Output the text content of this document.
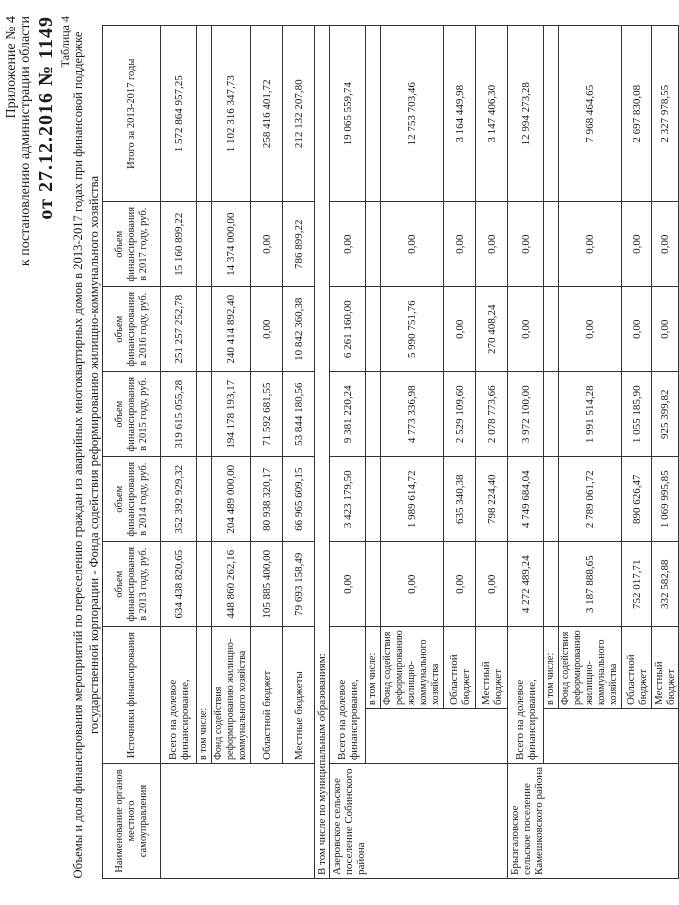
Приложение № 4 к постановлению администрации области от 27.12.2016 № 1149 Таблица 4 Объемы и доля финансирования мероприятий по переселению граждан из аварийных многоквартирных домов в 2013-2017 годах при финансовой поддержке государственной корпорации - Фонда содействия реформированию жилищно-коммунального хозяйства
Наименование органов местного самоуправления	Источники финансирования		объем финансирования в 2013 году, руб.	объем финансирования в 2014 году, руб.	объем финансирования в 2015 году, руб.	объем финансирования в 2016 году, руб.	объем финансирования в 2017 году, руб.	Итого за 2013-2017 годы
	Всего на долевое финансирование,		634 438 820,65	352 392 929,32	319 615 055,28	251 257 252,78	15 160 899,22	1 572 864 957,25
	в том числе:							
	Фонд содействия реформированию жилищно-коммунального хозяйства		448 860 262,16	204 489 000,00	194 178 193,17	240 414 892,40	14 374 000,00	1 102 316 347,73
	Областной бюджет		105 885 400,00	80 938 320,17	71 592 681,55	0,00	0,00	258 416 401,72
	Местные бюджеты		79 693 158,49	66 965 609,15	53 844 180,56	10 842 360,38	786 899,22	212 132 207,80
В том числе по муниципальным образованиям:								
Азеровское сельское поселение Собинского района	Всего на долевое финансирование,		0,00	3 423 179,50	9 381 220,24	6 261 160,00	0,00	19 065 559,74
		в том числе:						
		Фонд содействия реформированию жилищно-коммунального хозяйства	0,00	1 989 614,72	4 773 336,98	5 990 751,76	0,00	12 753 703,46
		Областной бюджет	0,00	635 340,38	2 529 109,60	0,00	0,00	3 164 449,98
		Местный бюджет	0,00	798 224,40	2 078 773,66	270 408,24	0,00	3 147 406,30
Брызгаловское сельское поселение Камешковского района	Всего на долевое финансирование,		4 272 489,24	4 749 684,04	3 972 100,00	0,00	0,00	12 994 273,28
		в том числе:						
		Фонд содействия реформированию жилищно-коммунального хозяйства	3 187 888,65	2 789 061,72	1 991 514,28	0,00	0,00	7 968 464,65
		Областной бюджет	752 017,71	890 626,47	1 055 185,90	0,00	0,00	2 697 830,08
		Местный бюджет	332 582,88	1 069 995,85	925 399,82	0,00	0,00	2 327 978,55
